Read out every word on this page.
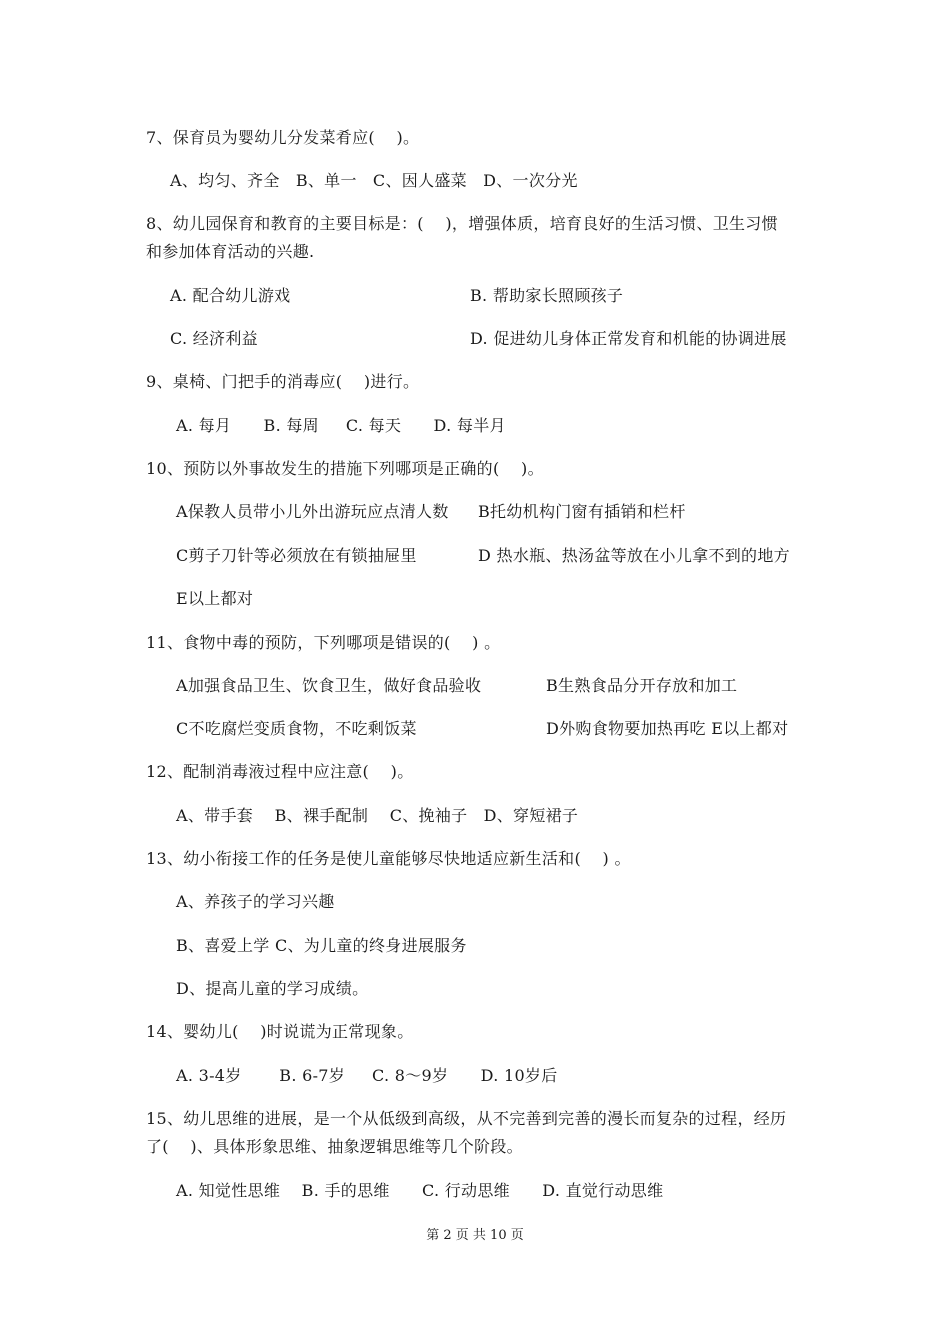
7、保育员为婴幼儿分发菜肴应(    )。
A、均匀、齐全   B、单一   C、因人盛菜   D、一次分光
8、幼儿园保育和教育的主要目标是：(    )，增强体质，培育良好的生活习惯、卫生习惯
和参加体育活动的兴趣.
A. 配合幼儿游戏	B. 帮助家长照顾孩子
C. 经济利益	D. 促进幼儿身体正常发育和机能的协调进展
9、桌椅、门把手的消毒应(    )进行。
A. 每月      B. 每周     C. 每天      D. 每半月
10、预防以外事故发生的措施下列哪项是正确的(    )。
A保教人员带小儿外出游玩应点清人数 B托幼机构门窗有插销和栏杆
C剪子刀针等必须放在有锁抽屉里	D 热水瓶、热汤盆等放在小儿拿不到的地方
E以上都对
11、食物中毒的预防，下列哪项是错误的(    ) 。
A加强食品卫生、饮食卫生，做好食品验收	B生熟食品分开存放和加工
C不吃腐烂变质食物，不吃剩饭菜	D外购食物要加热再吃 E以上都对
12、配制消毒液过程中应注意(    )。
A、带手套    B、裸手配制    C、挽袖子   D、穿短裙子
13、幼小衔接工作的任务是使儿童能够尽快地适应新生活和(    ) 。
A、养孩子的学习兴趣
B、喜爱上学 C、为儿童的终身进展服务
D、提高儿童的学习成绩。
14、婴幼儿(    )时说谎为正常现象。
A. 3-4岁       B. 6-7岁     C. 8～9岁      D. 10岁后
15、幼儿思维的进展，是一个从低级到高级，从不完善到完善的漫长而复杂的过程，经历
了(    )、具体形象思维、抽象逻辑思维等几个阶段。
A. 知觉性思维    B. 手的思维      C. 行动思维      D. 直觉行动思维
第 2 页 共 10 页
